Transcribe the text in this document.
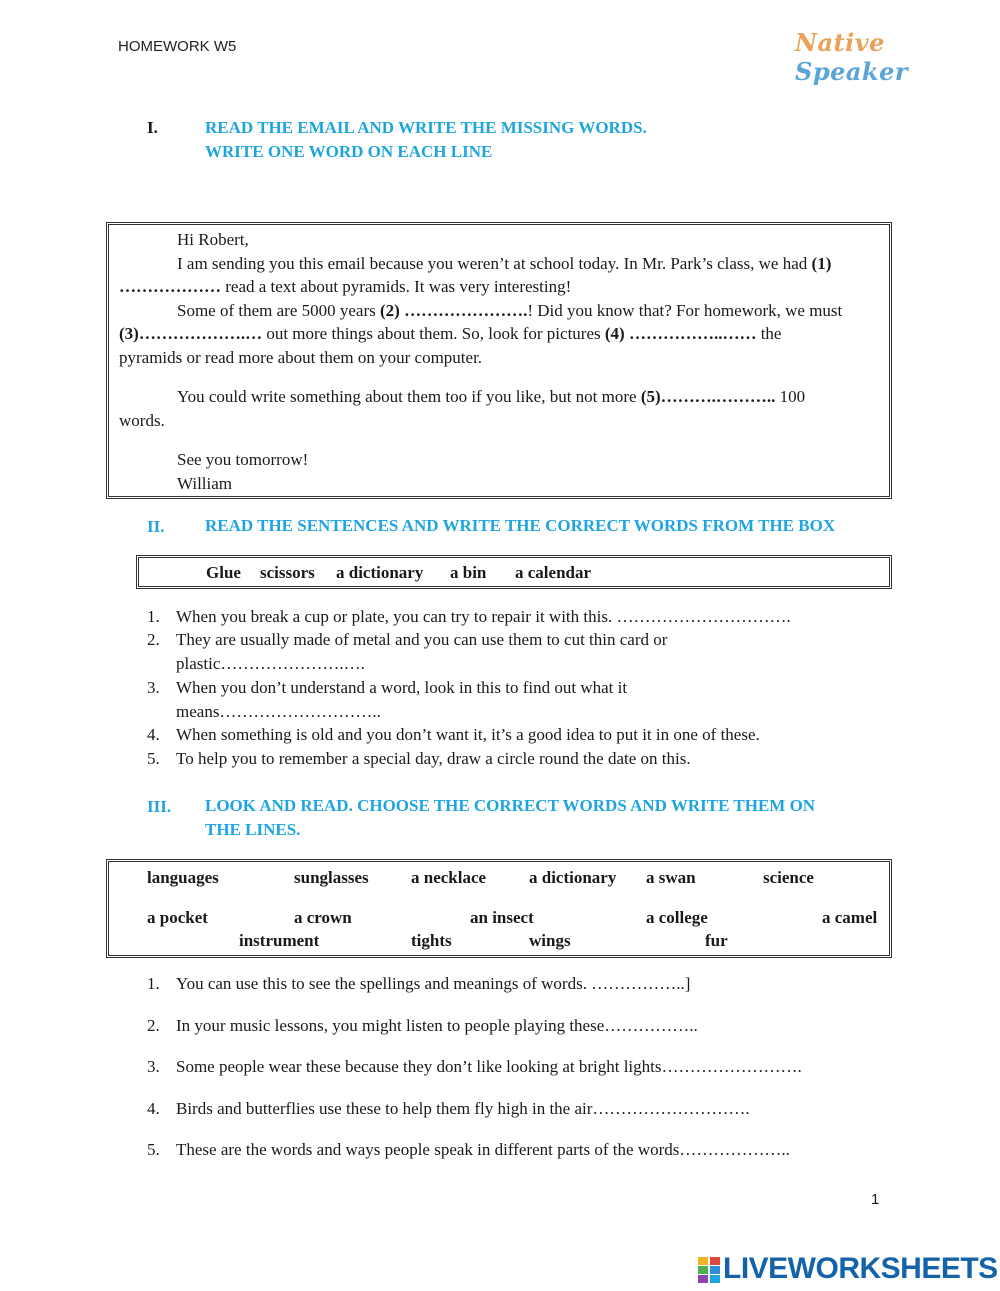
HOMEWORK W5	Native Speaker
I.	READ THE EMAIL AND WRITE THE MISSING WORDS.
WRITE ONE WORD ON EACH LINE

Hi Robert,

I am sending you this email because you weren’t at school today. In Mr. Park’s class, we had (1)

……………… read a text about pyramids. It was very interesting!

Some of them are 5000 years (2) ………………….! Did you know that? For homework, we must

(3)……………….… out more things about them. So, look for pictures (4) ……………..…… the

pyramids or read more about them on your computer.

You could write something about them too if you like, but not more (5)……….……….. 100

words.

See you tomorrow!

William

II. READ THE SENTENCES AND WRITE THE CORRECT WORDS FROM THE BOX
Glue scissors a dictionary a bin a calendar
1. When you break a cup or plate, you can try to repair it with this. ………………………….
2. They are usually made of metal and you can use them to cut thin card or
plastic………………….….
3. When you don’t understand a word, look in this to find out what it
means………………………..
4. When something is old and you don’t want it, it’s a good idea to put it in one of these.
5. To help you to remember a special day, draw a circle round the date on this.
III. LOOK AND READ. CHOOSE THE CORRECT WORDS AND WRITE THEM ON
THE LINES.
languages	sunglasses a necklace	a dictionary a swan	science
a pocket	a crown	an insect	a college	a camel
instrument	tights	wings	fur
1. You can use this to see the spellings and meanings of words. ……………..]
2. In your music lessons, you might listen to people playing these……………..
3. Some people wear these because they don’t like looking at bright lights…………………….
4. Birds and butterflies use these to help them fly high in the air……………………….
5. These are the words and ways people speak in different parts of the words………………..
1
LIVEWORKSHEETS
